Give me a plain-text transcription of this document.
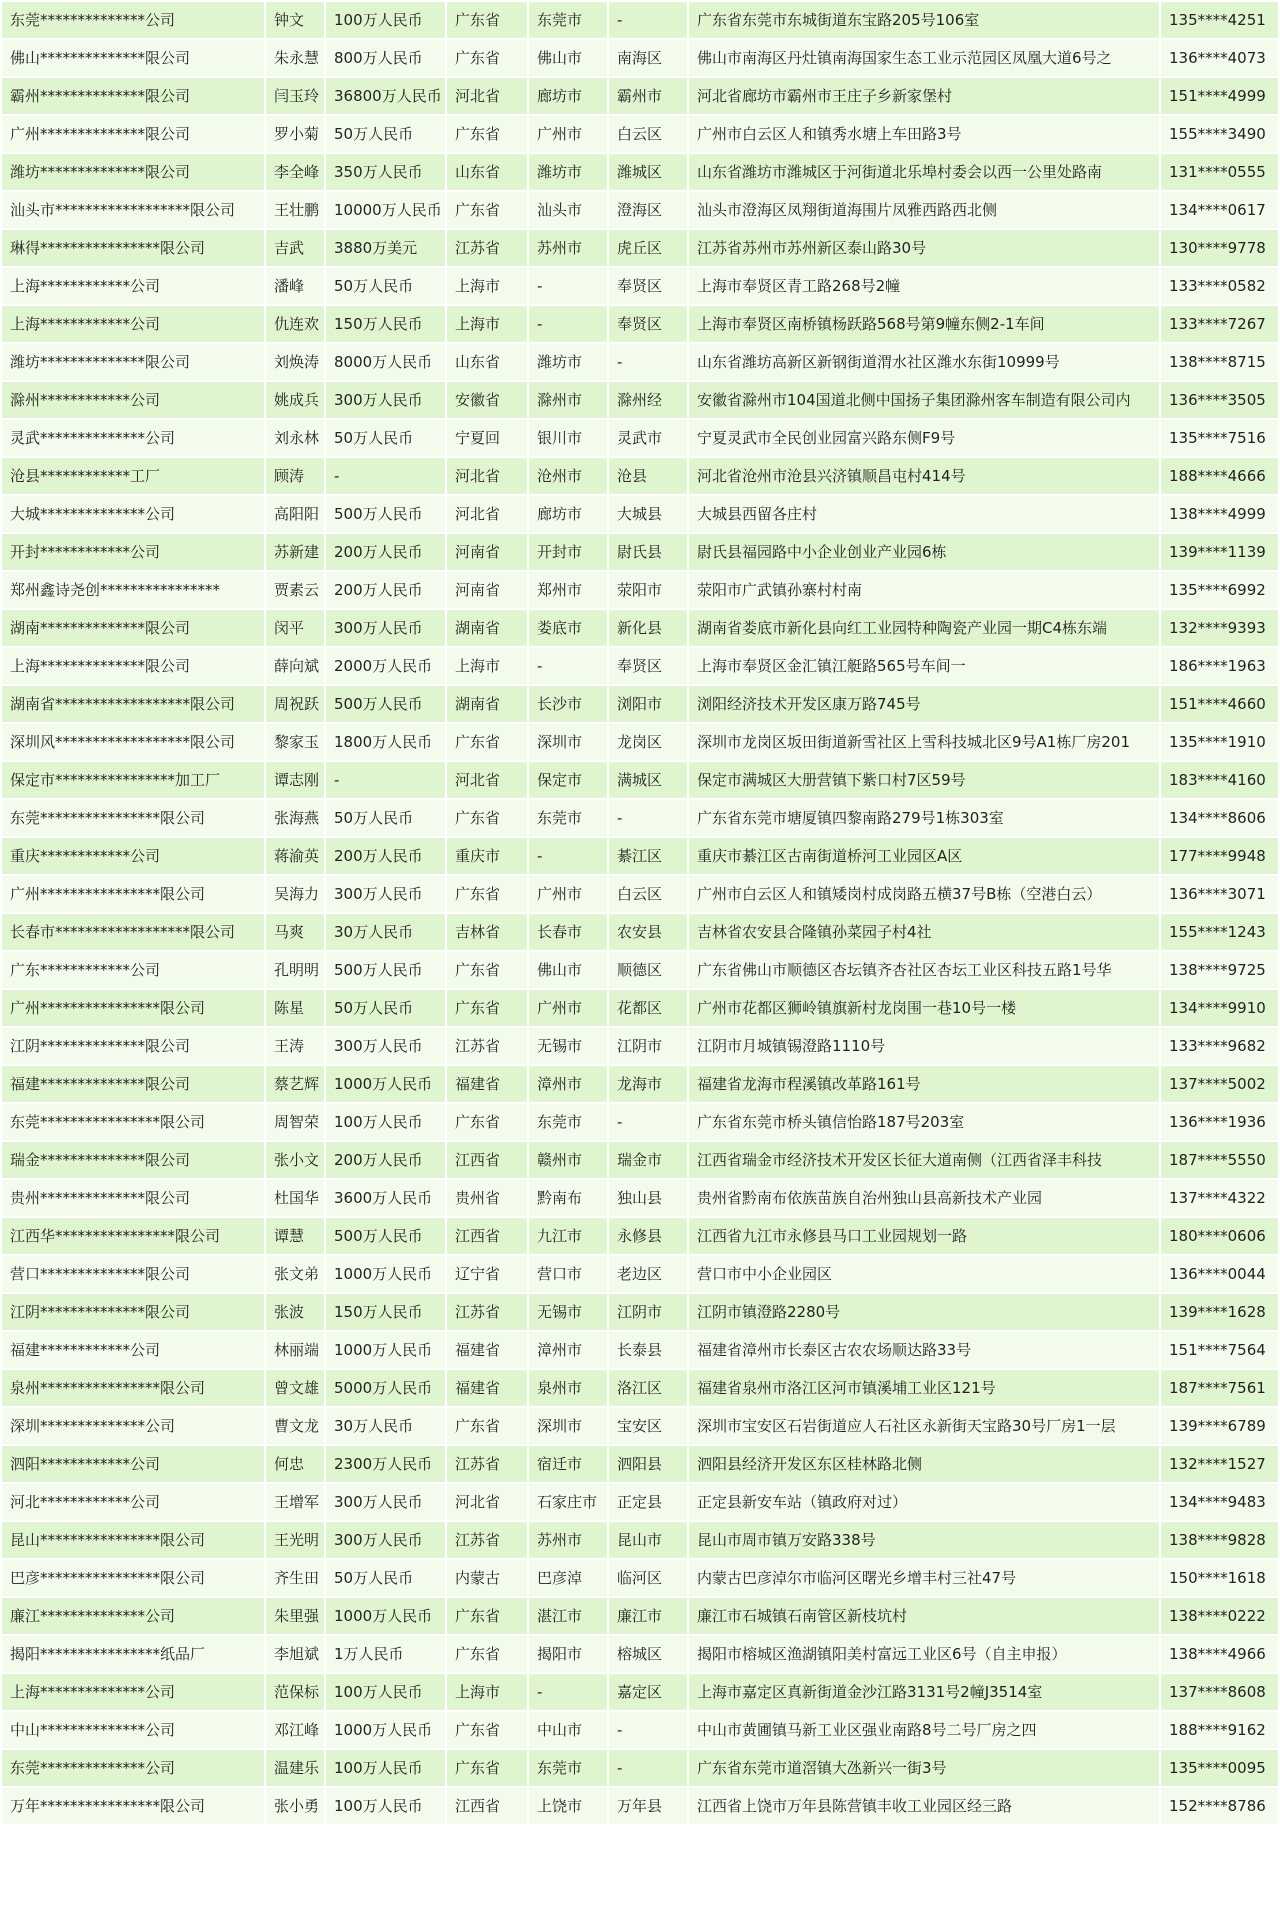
东莞**************公司	钟文	100万人民币	广东省	东莞市	-	广东省东莞市东城街道东宝路205号106室	135****4251
佛山**************限公司	朱永慧	800万人民币	广东省	佛山市	南海区	佛山市南海区丹灶镇南海国家生态工业示范园区凤凰大道6号之	136****4073
霸州**************限公司	闫玉玲	36800万人民币	河北省	廊坊市	霸州市	河北省廊坊市霸州市王庄子乡新家堡村	151****4999
广州**************限公司	罗小菊	50万人民币	广东省	广州市	白云区	广州市白云区人和镇秀水塘上车田路3号	155****3490
潍坊**************限公司	李全峰	350万人民币	山东省	潍坊市	潍城区	山东省潍坊市潍城区于河街道北乐埠村委会以西一公里处路南	131****0555
汕头市******************限公司	王壮鹏	10000万人民币	广东省	汕头市	澄海区	汕头市澄海区凤翔街道海围片凤雅西路西北侧	134****0617
琳得****************限公司	吉武	3880万美元	江苏省	苏州市	虎丘区	江苏省苏州市苏州新区泰山路30号	130****9778
上海************公司	潘峰	50万人民币	上海市	-	奉贤区	上海市奉贤区青工路268号2幢	133****0582
上海************公司	仇连欢	150万人民币	上海市	-	奉贤区	上海市奉贤区南桥镇杨跃路568号第9幢东侧2-1车间	133****7267
潍坊**************限公司	刘焕涛	8000万人民币	山东省	潍坊市	-	山东省潍坊高新区新钢街道渭水社区潍水东街10999号	138****8715
滁州************公司	姚成兵	300万人民币	安徽省	滁州市	滁州经	安徽省滁州市104国道北侧中国扬子集团滁州客车制造有限公司内	136****3505
灵武**************公司	刘永林	50万人民币	宁夏回	银川市	灵武市	宁夏灵武市全民创业园富兴路东侧F9号	135****7516
沧县************工厂	顾涛	-	河北省	沧州市	沧县	河北省沧州市沧县兴济镇顺昌屯村414号	188****4666
大城**************公司	高阳阳	500万人民币	河北省	廊坊市	大城县	大城县西留各庄村	138****4999
开封************公司	苏新建	200万人民币	河南省	开封市	尉氏县	尉氏县福园路中小企业创业产业园6栋	139****1139
郑州鑫诗尧创****************	贾素云	200万人民币	河南省	郑州市	荥阳市	荥阳市广武镇孙寨村村南	135****6992
湖南**************限公司	闵平	300万人民币	湖南省	娄底市	新化县	湖南省娄底市新化县向红工业园特种陶瓷产业园一期C4栋东端	132****9393
上海**************限公司	薛向斌	2000万人民币	上海市	-	奉贤区	上海市奉贤区金汇镇江艇路565号车间一	186****1963
湖南省******************限公司	周祝跃	500万人民币	湖南省	长沙市	浏阳市	浏阳经济技术开发区康万路745号	151****4660
深圳风******************限公司	黎家玉	1800万人民币	广东省	深圳市	龙岗区	深圳市龙岗区坂田街道新雪社区上雪科技城北区9号A1栋厂房201	135****1910
保定市****************加工厂	谭志刚	-	河北省	保定市	满城区	保定市满城区大册营镇下紫口村7区59号	183****4160
东莞****************限公司	张海燕	50万人民币	广东省	东莞市	-	广东省东莞市塘厦镇四黎南路279号1栋303室	134****8606
重庆************公司	蒋渝英	200万人民币	重庆市	-	綦江区	重庆市綦江区古南街道桥河工业园区A区	177****9948
广州****************限公司	吴海力	300万人民币	广东省	广州市	白云区	广州市白云区人和镇矮岗村成岗路五横37号B栋（空港白云）	136****3071
长春市******************限公司	马爽	30万人民币	吉林省	长春市	农安县	吉林省农安县合隆镇孙菜园子村4社	155****1243
广东************公司	孔明明	500万人民币	广东省	佛山市	顺德区	广东省佛山市顺德区杏坛镇齐杏社区杏坛工业区科技五路1号华	138****9725
广州****************限公司	陈星	50万人民币	广东省	广州市	花都区	广州市花都区狮岭镇旗新村龙岗围一巷10号一楼	134****9910
江阴**************限公司	王涛	300万人民币	江苏省	无锡市	江阴市	江阴市月城镇锡澄路1110号	133****9682
福建**************限公司	蔡艺辉	1000万人民币	福建省	漳州市	龙海市	福建省龙海市程溪镇改革路161号	137****5002
东莞****************限公司	周智荣	100万人民币	广东省	东莞市	-	广东省东莞市桥头镇信怡路187号203室	136****1936
瑞金**************限公司	张小文	200万人民币	江西省	赣州市	瑞金市	江西省瑞金市经济技术开发区长征大道南侧（江西省泽丰科技	187****5550
贵州**************限公司	杜国华	3600万人民币	贵州省	黔南布	独山县	贵州省黔南布依族苗族自治州独山县高新技术产业园	137****4322
江西华****************限公司	谭慧	500万人民币	江西省	九江市	永修县	江西省九江市永修县马口工业园规划一路	180****0606
营口**************限公司	张文弟	1000万人民币	辽宁省	营口市	老边区	营口市中小企业园区	136****0044
江阴**************限公司	张波	150万人民币	江苏省	无锡市	江阴市	江阴市镇澄路2280号	139****1628
福建************公司	林丽端	1000万人民币	福建省	漳州市	长泰县	福建省漳州市长泰区古农农场顺达路33号	151****7564
泉州****************限公司	曾文雄	5000万人民币	福建省	泉州市	洛江区	福建省泉州市洛江区河市镇溪埔工业区121号	187****7561
深圳**************公司	曹文龙	30万人民币	广东省	深圳市	宝安区	深圳市宝安区石岩街道应人石社区永新街天宝路30号厂房1一层	139****6789
泗阳************公司	何忠	2300万人民币	江苏省	宿迁市	泗阳县	泗阳县经济开发区东区桂林路北侧	132****1527
河北************公司	王增军	300万人民币	河北省	石家庄市	正定县	正定县新安车站（镇政府对过）	134****9483
昆山****************限公司	王光明	300万人民币	江苏省	苏州市	昆山市	昆山市周市镇万安路338号	138****9828
巴彦****************限公司	齐生田	50万人民币	内蒙古	巴彦淖	临河区	内蒙古巴彦淖尔市临河区曙光乡增丰村三社47号	150****1618
廉江**************公司	朱里强	1000万人民币	广东省	湛江市	廉江市	廉江市石城镇石南管区新枝坑村	138****0222
揭阳****************纸品厂	李旭斌	1万人民币	广东省	揭阳市	榕城区	揭阳市榕城区渔湖镇阳美村富远工业区6号（自主申报）	138****4966
上海**************公司	范保标	100万人民币	上海市	-	嘉定区	上海市嘉定区真新街道金沙江路3131号2幢J3514室	137****8608
中山**************公司	邓江峰	1000万人民币	广东省	中山市	-	中山市黄圃镇马新工业区强业南路8号二号厂房之四	188****9162
东莞**************公司	温建乐	100万人民币	广东省	东莞市	-	广东省东莞市道滘镇大氹新兴一街3号	135****0095
万年****************限公司	张小勇	100万人民币	江西省	上饶市	万年县	江西省上饶市万年县陈营镇丰收工业园区经三路	152****8786
